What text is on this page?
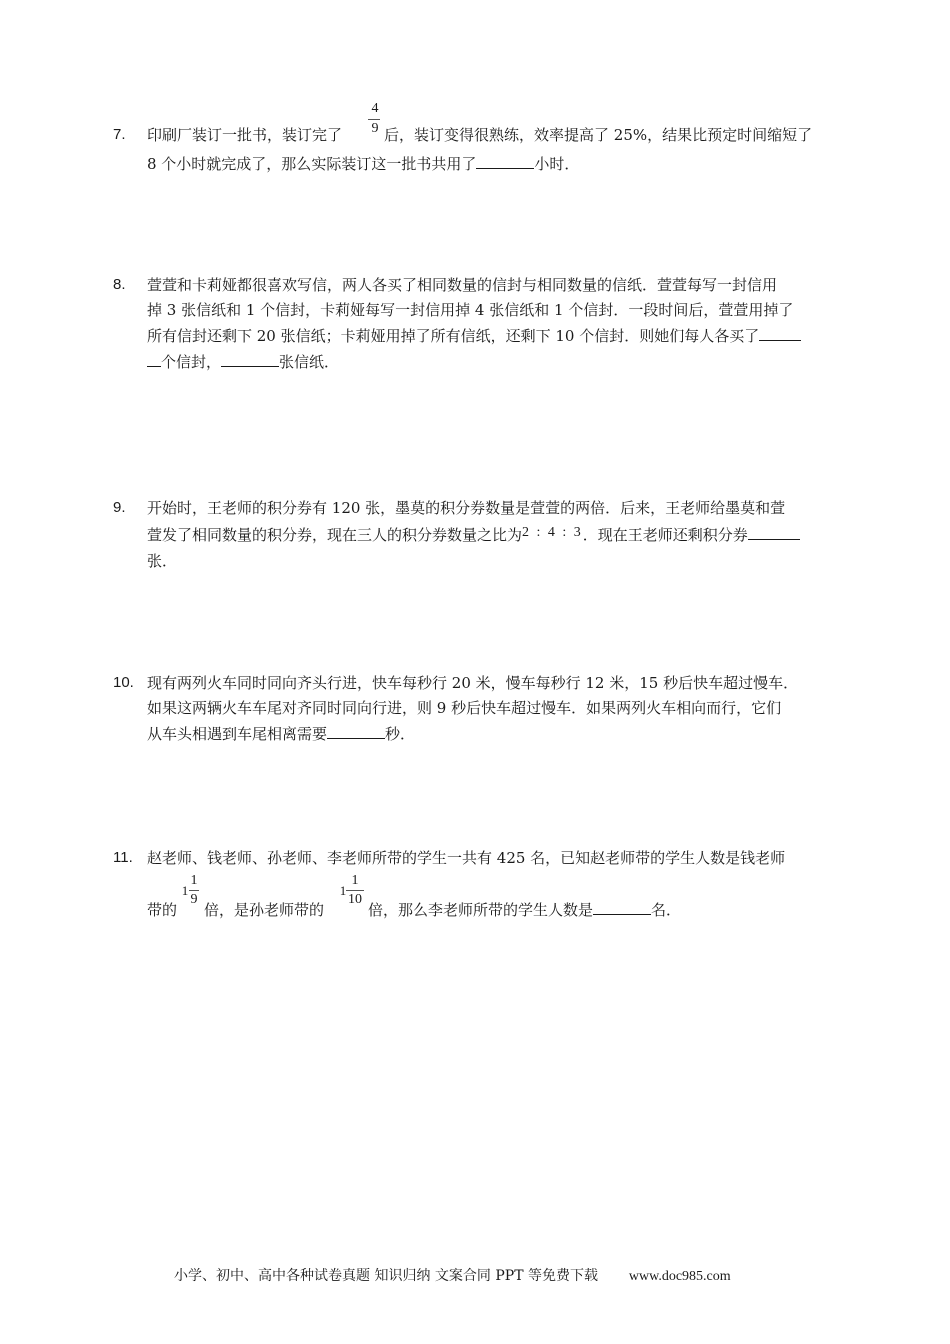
7. 印刷厂装订一批书，装订完了
4
9 后，装订变得很熟练，效率提高了 25%，结果比预定时间缩短了
8 个小时就完成了，那么实际装订这一批书共用了	小时．
8. 萱萱和卡莉娅都很喜欢写信，两人各买了相同数量的信封与相同数量的信纸．萱萱每写一封信用
掉 3 张信纸和 1 个信封，卡莉娅每写一封信用掉 4 张信纸和 1 个信封．一段时间后，萱萱用掉了
所有信封还剩下 20 张信纸；卡莉娅用掉了所有信纸，还剩下 10 个信封．则她们每人各买了
个信封，	张信纸．
9. 开始时，王老师的积分券有 120 张，墨莫的积分券数量是萱萱的两倍．后来，王老师给墨莫和萱
萱发了相同数量的积分券，现在三人的积分券数量之比为2 : 4 : 3．现在王老师还剩积分券
张．
10. 现有两列火车同时同向齐头行进，快车每秒行 20 米，慢车每秒行 12 米，15 秒后快车超过慢车．
如果这两辆火车车尾对齐同时同向行进，则 9 秒后快车超过慢车．如果两列火车相向而行，它们
从车头相遇到车尾相离需要	秒．
11. 赵老师、钱老师、孙老师、李老师所带的学生一共有 425 名，已知赵老师带的学生人数是钱老师
带的
1
1
9
倍，是孙老师带的
1
1
10
倍，那么李老师所带的学生人数是	名．
小学、初中、高中各种试卷真题 知识归纳 文案合同 PPT 等免费下载 www.doc985.com
